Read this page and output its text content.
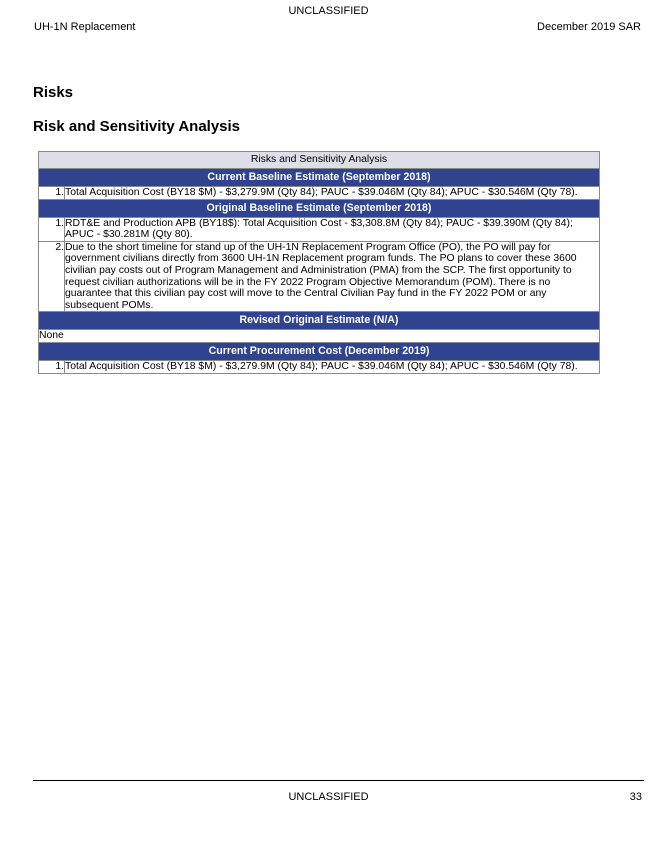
UNCLASSIFIED
UH-1N Replacement	December 2019 SAR
Risks
Risk and Sensitivity Analysis
Risks and Sensitivity Analysis	
Current Baseline Estimate (September 2018)	
1.	Total Acquisition Cost (BY18 $M) - $3,279.9M (Qty 84); PAUC - $39.046M (Qty 84); APUC - $30.546M (Qty 78).
Original Baseline Estimate (September 2018)	
1.	RDT&E and Production APB (BY18$): Total Acquisition Cost - $3,308.8M (Qty 84); PAUC - $39.390M (Qty 84); APUC - $30.281M (Qty 80).
2.	Due to the short timeline for stand up of the UH-1N Replacement Program Office (PO), the PO will pay for government civilians directly from 3600 UH-1N Replacement program funds. The PO plans to cover these 3600 civilian pay costs out of Program Management and Administration (PMA) from the SCP. The first opportunity to request civilian authorizations will be in the FY 2022 Program Objective Memorandum (POM). There is no guarantee that this civilian pay cost will move to the Central Civilian Pay fund in the FY 2022 POM or any subsequent POMs.
Revised Original Estimate (N/A)	
None	
Current Procurement Cost (December 2019)	
1.	Total Acquisition Cost (BY18 $M) - $3,279.9M (Qty 84); PAUC - $39.046M (Qty 84); APUC - $30.546M (Qty 78).
UNCLASSIFIED	33
